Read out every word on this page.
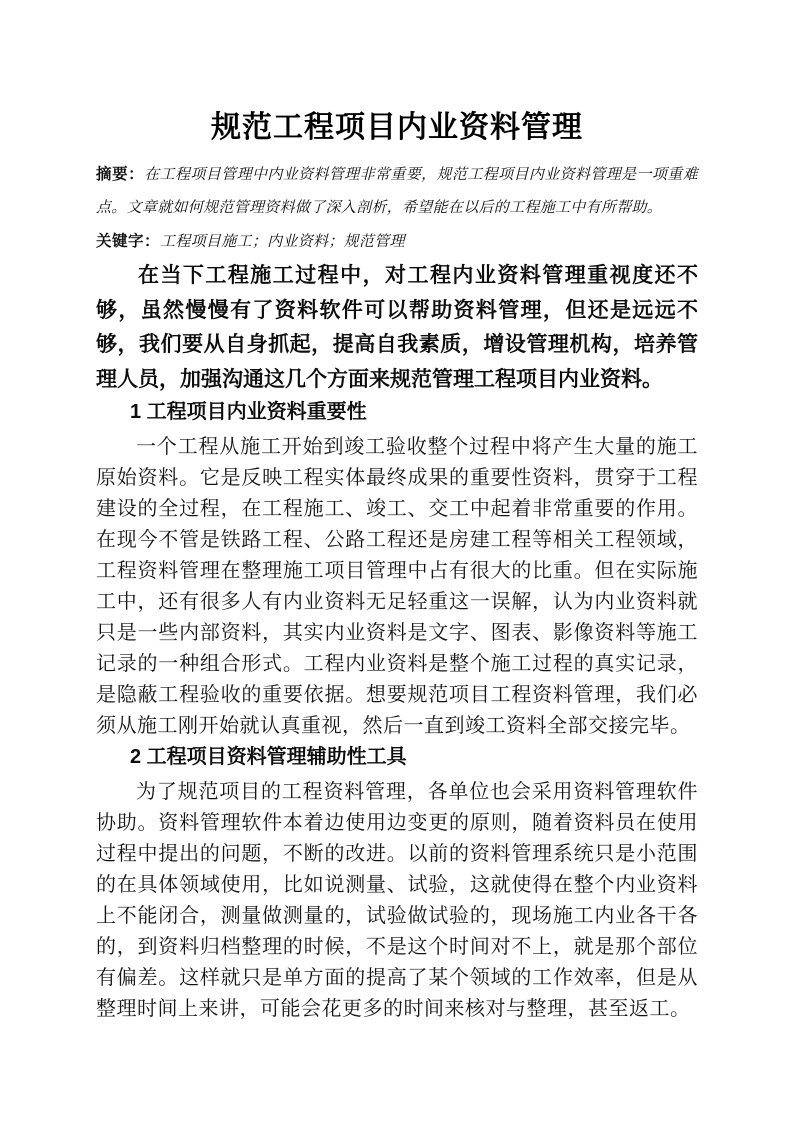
规范工程项目内业资料管理

摘要：在工程项目管理中内业资料管理非常重要，规范工程项目内业资料管理是一项重难点。文章就如何规范管理资料做了深入剖析，希望能在以后的工程施工中有所帮助。

关键字：工程项目施工；内业资料；规范管理

在当下工程施工过程中，对工程内业资料管理重视度还不够，虽然慢慢有了资料软件可以帮助资料管理，但还是远远不够，我们要从自身抓起，提高自我素质，增设管理机构，培养管理人员，加强沟通这几个方面来规范管理工程项目内业资料。

1 工程项目内业资料重要性

一个工程从施工开始到竣工验收整个过程中将产生大量的施工原始资料。它是反映工程实体最终成果的重要性资料，贯穿于工程建设的全过程，在工程施工、竣工、交工中起着非常重要的作用。在现今不管是铁路工程、公路工程还是房建工程等相关工程领域，工程资料管理在整理施工项目管理中占有很大的比重。但在实际施工中，还有很多人有内业资料无足轻重这一误解，认为内业资料就只是一些内部资料，其实内业资料是文字、图表、影像资料等施工记录的一种组合形式。工程内业资料是整个施工过程的真实记录，是隐蔽工程验收的重要依据。想要规范项目工程资料管理，我们必须从施工刚开始就认真重视，然后一直到竣工资料全部交接完毕。

2 工程项目资料管理辅助性工具

为了规范项目的工程资料管理，各单位也会采用资料管理软件协助。资料管理软件本着边使用边变更的原则，随着资料员在使用过程中提出的问题，不断的改进。以前的资料管理系统只是小范围的在具体领域使用，比如说测量、试验，这就使得在整个内业资料上不能闭合，测量做测量的，试验做试验的，现场施工内业各干各的，到资料归档整理的时候，不是这个时间对不上，就是那个部位有偏差。这样就只是单方面的提高了某个领域的工作效率，但是从整理时间上来讲，可能会花更多的时间来核对与整理，甚至返工。
